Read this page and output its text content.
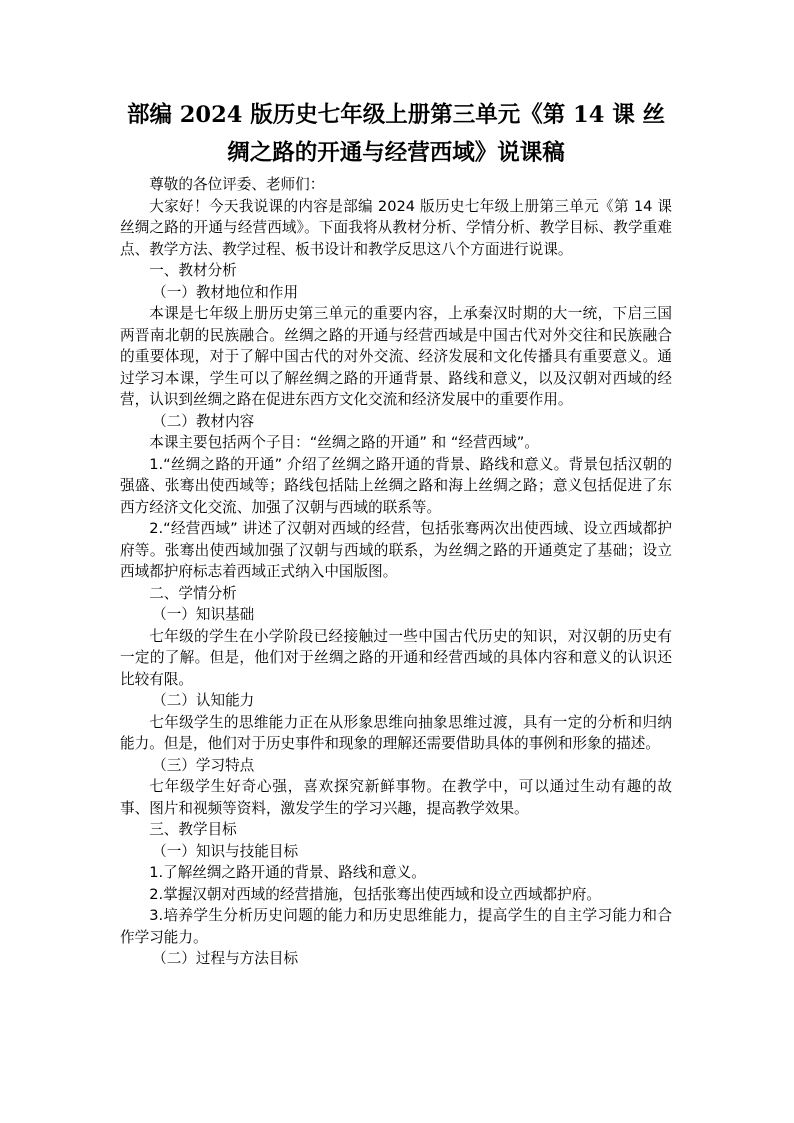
部编 2024 版历史七年级上册第三单元《第 14 课 丝
绸之路的开通与经营西域》说课稿

尊敬的各位评委、老师们：

大家好！今天我说课的内容是部编 2024 版历史七年级上册第三单元《第 14 课 丝绸之路的开通与经营西域》。下面我将从教材分析、学情分析、教学目标、教学重难点、教学方法、教学过程、板书设计和教学反思这八个方面进行说课。

一、教材分析

（一）教材地位和作用

本课是七年级上册历史第三单元的重要内容，上承秦汉时期的大一统，下启三国两晋南北朝的民族融合。丝绸之路的开通与经营西域是中国古代对外交往和民族融合的重要体现，对于了解中国古代的对外交流、经济发展和文化传播具有重要意义。通过学习本课，学生可以了解丝绸之路的开通背景、路线和意义，以及汉朝对西域的经营，认识到丝绸之路在促进东西方文化交流和经济发展中的重要作用。

（二）教材内容

本课主要包括两个子目：“丝绸之路的开通” 和 “经营西域”。

1.“丝绸之路的开通” 介绍了丝绸之路开通的背景、路线和意义。背景包括汉朝的强盛、张骞出使西域等；路线包括陆上丝绸之路和海上丝绸之路；意义包括促进了东西方经济文化交流、加强了汉朝与西域的联系等。

2.“经营西域” 讲述了汉朝对西域的经营，包括张骞两次出使西域、设立西域都护府等。张骞出使西域加强了汉朝与西域的联系，为丝绸之路的开通奠定了基础；设立西域都护府标志着西域正式纳入中国版图。

二、学情分析

（一）知识基础

七年级的学生在小学阶段已经接触过一些中国古代历史的知识，对汉朝的历史有一定的了解。但是，他们对于丝绸之路的开通和经营西域的具体内容和意义的认识还比较有限。

（二）认知能力

七年级学生的思维能力正在从形象思维向抽象思维过渡，具有一定的分析和归纳能力。但是，他们对于历史事件和现象的理解还需要借助具体的事例和形象的描述。

（三）学习特点

七年级学生好奇心强，喜欢探究新鲜事物。在教学中，可以通过生动有趣的故事、图片和视频等资料，激发学生的学习兴趣，提高教学效果。

三、教学目标

（一）知识与技能目标

1.了解丝绸之路开通的背景、路线和意义。

2.掌握汉朝对西域的经营措施，包括张骞出使西域和设立西域都护府。

3.培养学生分析历史问题的能力和历史思维能力，提高学生的自主学习能力和合作学习能力。

（二）过程与方法目标
